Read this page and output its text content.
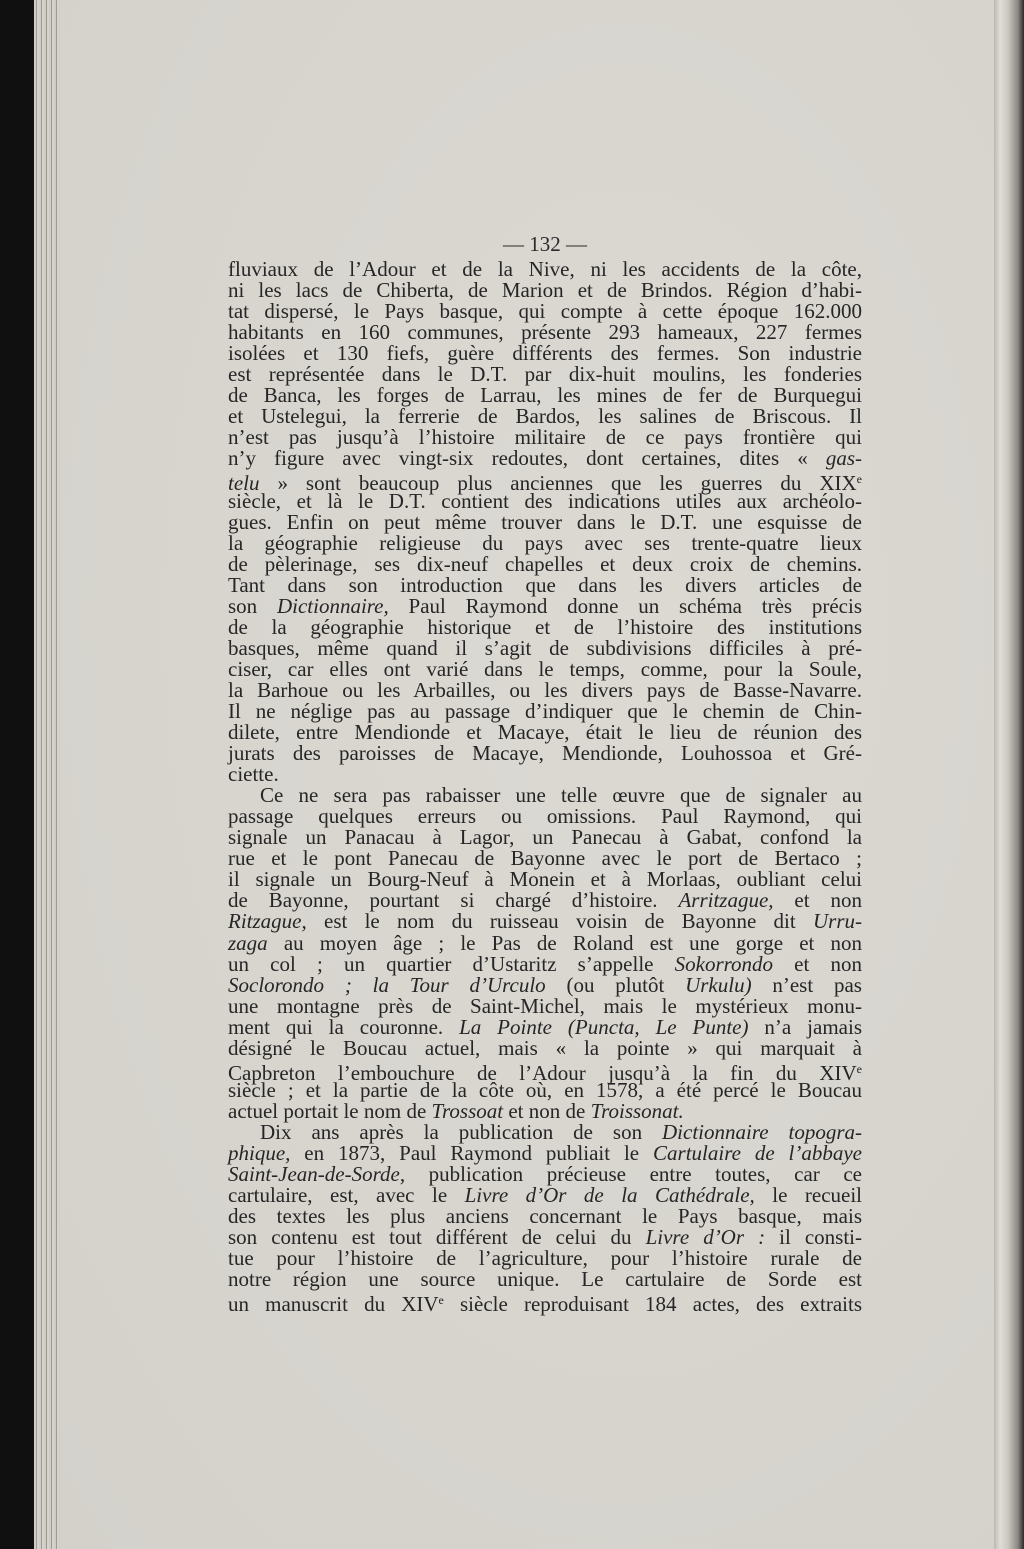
— 132 —
fluviaux de l’Adour et de la Nive, ni les accidents de la côte,
ni les lacs de Chiberta, de Marion et de Brindos. Région d’habi-
tat dispersé, le Pays basque, qui compte à cette époque 162.000
habitants en 160 communes, présente 293 hameaux, 227 fermes
isolées et 130 fiefs, guère différents des fermes. Son industrie
est représentée dans le D.T. par dix-huit moulins, les fonderies
de Banca, les forges de Larrau, les mines de fer de Burquegui
et Ustelegui, la ferrerie de Bardos, les salines de Briscous. Il
n’est pas jusqu’à l’histoire militaire de ce pays frontière qui
n’y figure avec vingt-six redoutes, dont certaines, dites « gas-
telu » sont beaucoup plus anciennes que les guerres du XIXe
siècle, et là le D.T. contient des indications utiles aux archéolo-
gues. Enfin on peut même trouver dans le D.T. une esquisse de
la géographie religieuse du pays avec ses trente-quatre lieux
de pèlerinage, ses dix-neuf chapelles et deux croix de chemins.
Tant dans son introduction que dans les divers articles de
son Dictionnaire, Paul Raymond donne un schéma très précis
de la géographie historique et de l’histoire des institutions
basques, même quand il s’agit de subdivisions difficiles à pré-
ciser, car elles ont varié dans le temps, comme, pour la Soule,
la Barhoue ou les Arbailles, ou les divers pays de Basse-Navarre.
Il ne néglige pas au passage d’indiquer que le chemin de Chin-
dilete, entre Mendionde et Macaye, était le lieu de réunion des
jurats des paroisses de Macaye, Mendionde, Louhossoa et Gré-
ciette.
Ce ne sera pas rabaisser une telle œuvre que de signaler au
passage quelques erreurs ou omissions. Paul Raymond, qui
signale un Panacau à Lagor, un Panecau à Gabat, confond la
rue et le pont Panecau de Bayonne avec le port de Bertaco ;
il signale un Bourg-Neuf à Monein et à Morlaas, oubliant celui
de Bayonne, pourtant si chargé d’histoire. Arritzague, et non
Ritzague, est le nom du ruisseau voisin de Bayonne dit Urru-
zaga au moyen âge ; le Pas de Roland est une gorge et non
un col ; un quartier d’Ustaritz s’appelle Sokorrondo et non
Soclorondo ; la Tour d’Urculo (ou plutôt Urkulu) n’est pas
une montagne près de Saint-Michel, mais le mystérieux monu-
ment qui la couronne. La Pointe (Puncta, Le Punte) n’a jamais
désigné le Boucau actuel, mais « la pointe » qui marquait à
Capbreton l’embouchure de l’Adour jusqu’à la fin du XIVe
siècle ; et la partie de la côte où, en 1578, a été percé le Boucau
actuel portait le nom de Trossoat et non de Troissonat.
Dix ans après la publication de son Dictionnaire topogra-
phique, en 1873, Paul Raymond publiait le Cartulaire de l’abbaye
Saint-Jean-de-Sorde, publication précieuse entre toutes, car ce
cartulaire, est, avec le Livre d’Or de la Cathédrale, le recueil
des textes les plus anciens concernant le Pays basque, mais
son contenu est tout différent de celui du Livre d’Or : il consti-
tue pour l’histoire de l’agriculture, pour l’histoire rurale de
notre région une source unique. Le cartulaire de Sorde est
un manuscrit du XIVe siècle reproduisant 184 actes, des extraits
